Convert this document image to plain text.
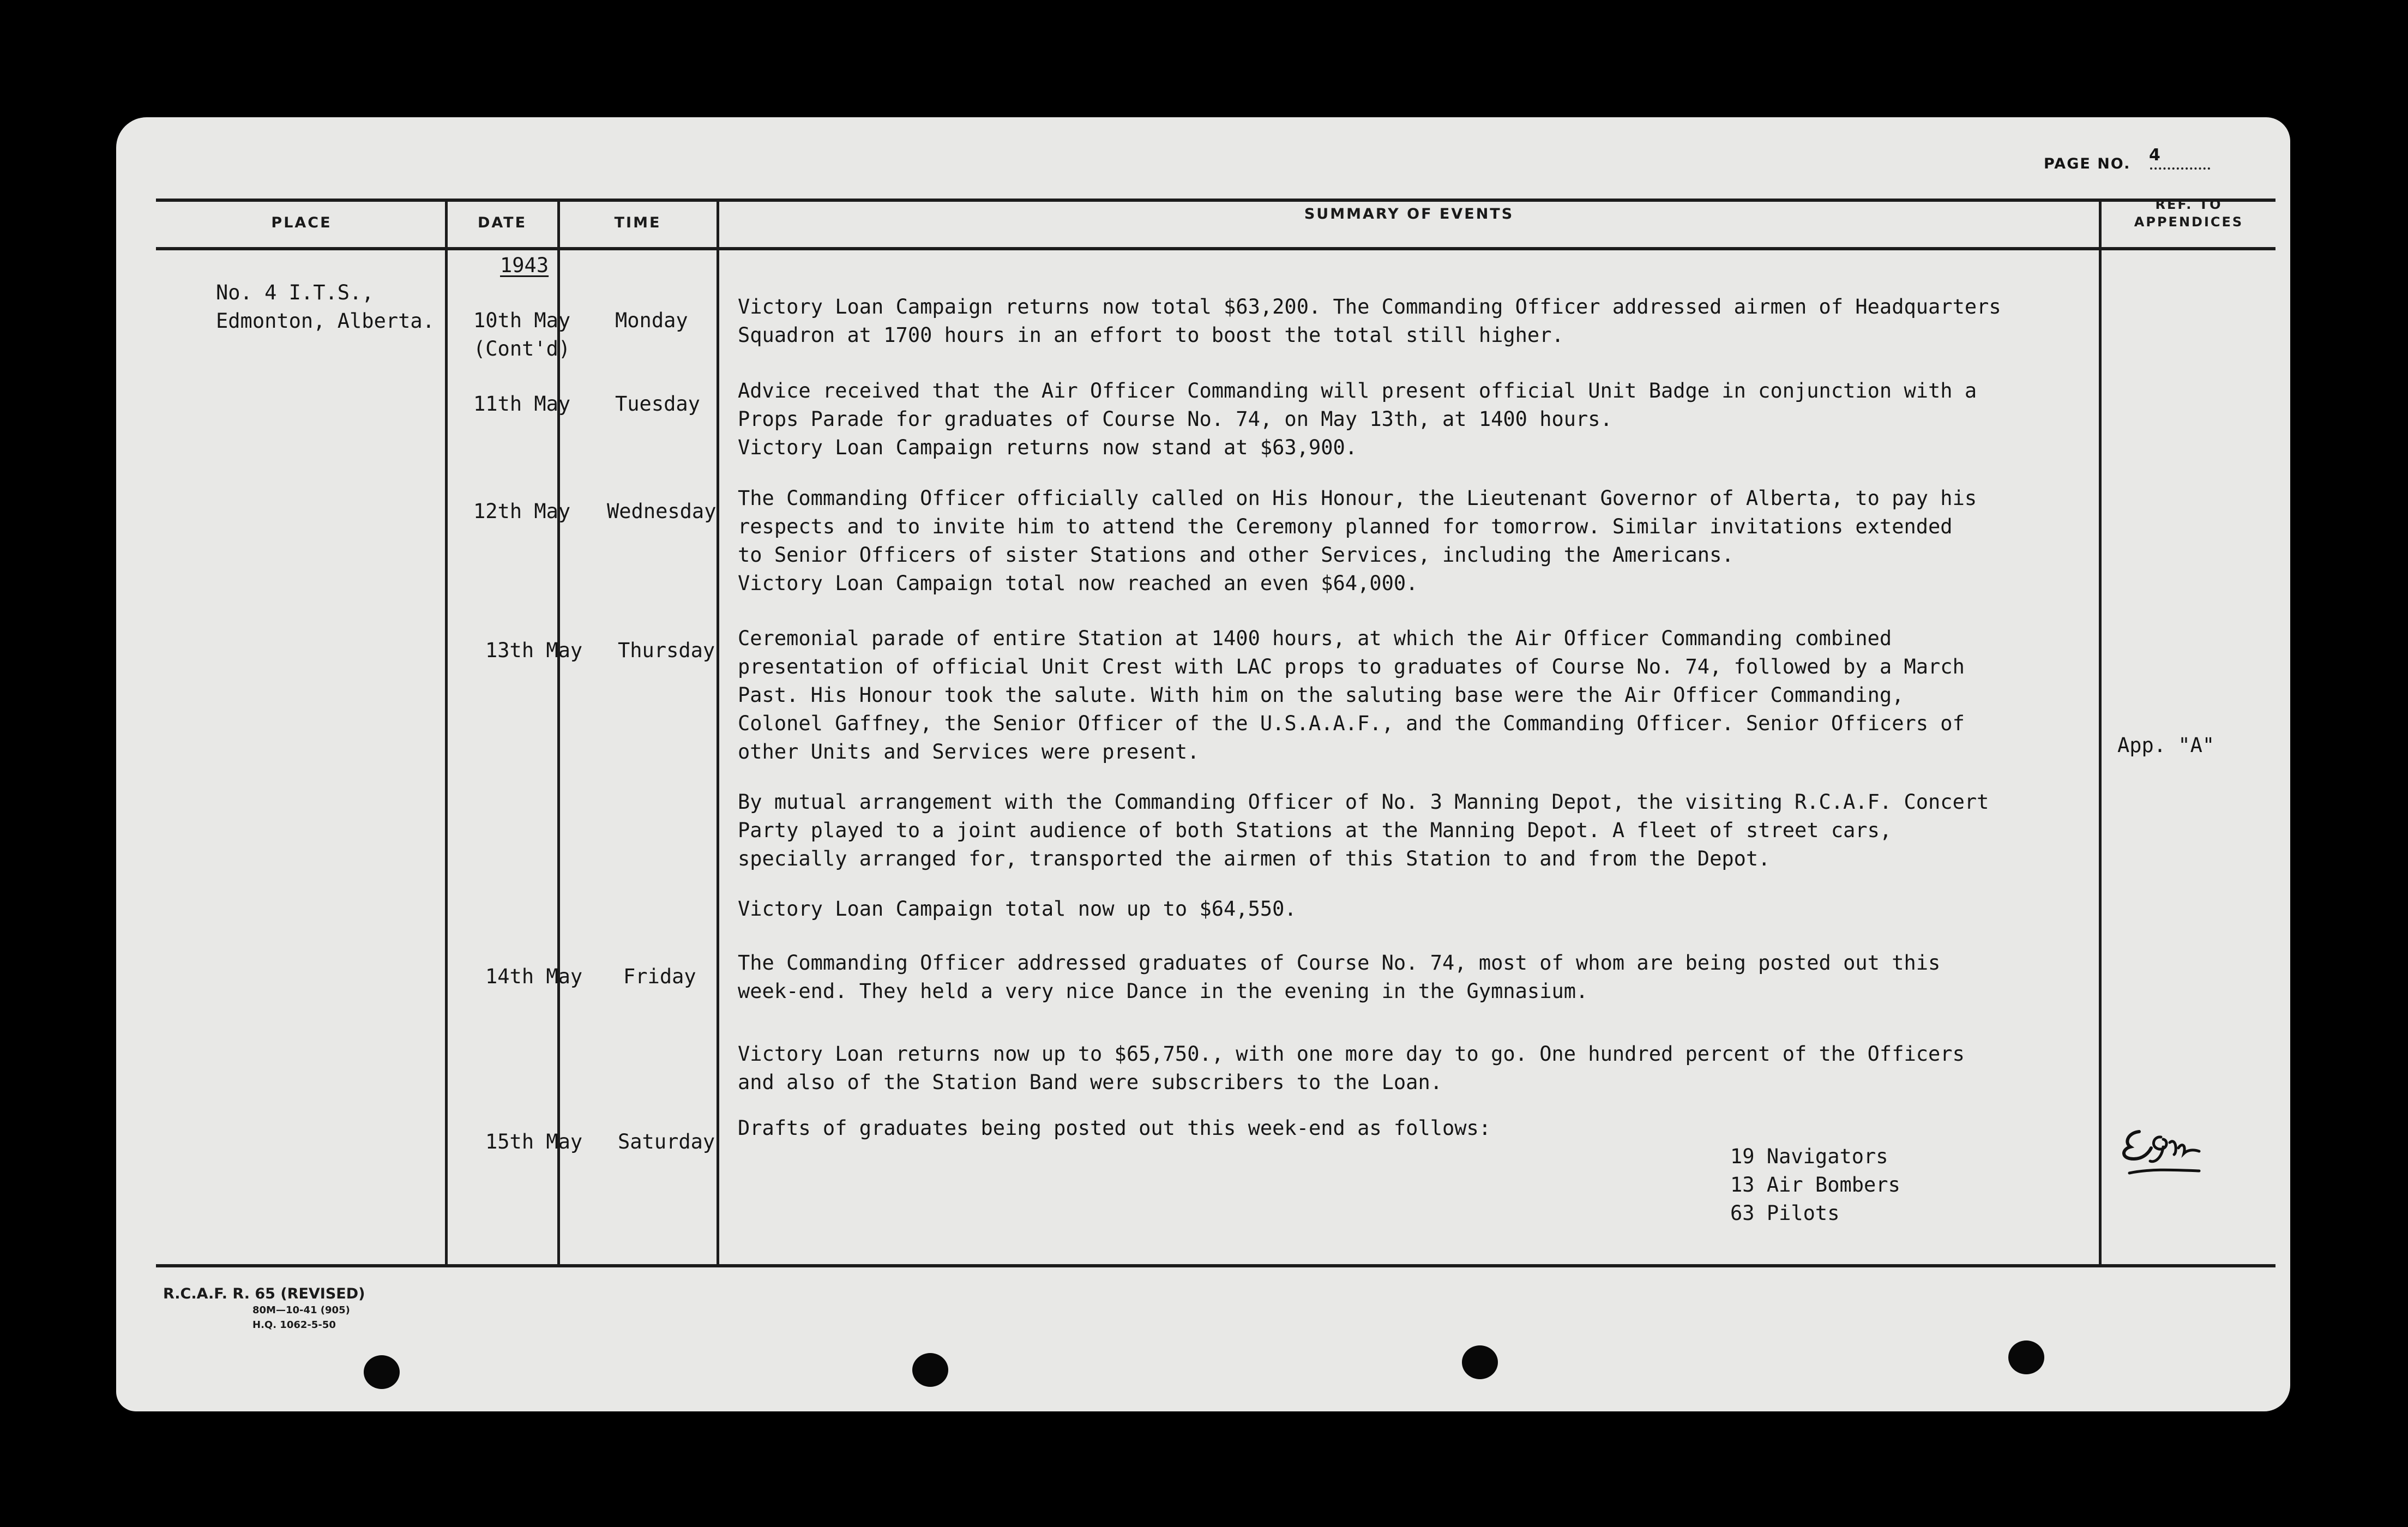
PAGE NO. 4
PLACE	DATE	TIME
SUMMARY OF EVENTS
REF. TO
APPENDICES
1943
No. 4 I.T.S.,
Edmonton, Alberta. 10th May
(Cont'd)
Monday
Victory Loan Campaign returns now total $63,200. The Commanding Officer addressed airmen of Headquarters
Squadron at 1700 hours in an effort to boost the total still higher.
11th May Tuesday
Advice received that the Air Officer Commanding will present official Unit Badge in conjunction with a
Props Parade for graduates of Course No. 74, on May 13th, at 1400 hours.
Victory Loan Campaign returns now stand at $63,900.
12th May Wednesday
The Commanding Officer officially called on His Honour, the Lieutenant Governor of Alberta, to pay his
respects and to invite him to attend the Ceremony planned for tomorrow. Similar invitations extended
to Senior Officers of sister Stations and other Services, including the Americans.
Victory Loan Campaign total now reached an even $64,000.
13th May Thursday
Ceremonial parade of entire Station at 1400 hours, at which the Air Officer Commanding combined
presentation of official Unit Crest with LAC props to graduates of Course No. 74, followed by a March
Past. His Honour took the salute. With him on the saluting base were the Air Officer Commanding,
Colonel Gaffney, the Senior Officer of the U.S.A.A.F., and the Commanding Officer. Senior Officers of
other Units and Services were present.
By mutual arrangement with the Commanding Officer of No. 3 Manning Depot, the visiting R.C.A.F. Concert
Party played to a joint audience of both Stations at the Manning Depot. A fleet of street cars,
specially arranged for, transported the airmen of this Station to and from the Depot.
Victory Loan Campaign total now up to $64,550.
App. "A"
14th May Friday
The Commanding Officer addressed graduates of Course No. 74, most of whom are being posted out this
week-end. They held a very nice Dance in the evening in the Gymnasium.
Victory Loan returns now up to $65,750., with one more day to go. One hundred percent of the Officers
and also of the Station Band were subscribers to the Loan.
15th May Saturday
Drafts of graduates being posted out this week-end as follows:
19 Navigators
13 Air Bombers
63 Pilots
R.C.A.F. R. 65 (REVISED)
80M—10-41 (905)
H.Q. 1062-5-50
